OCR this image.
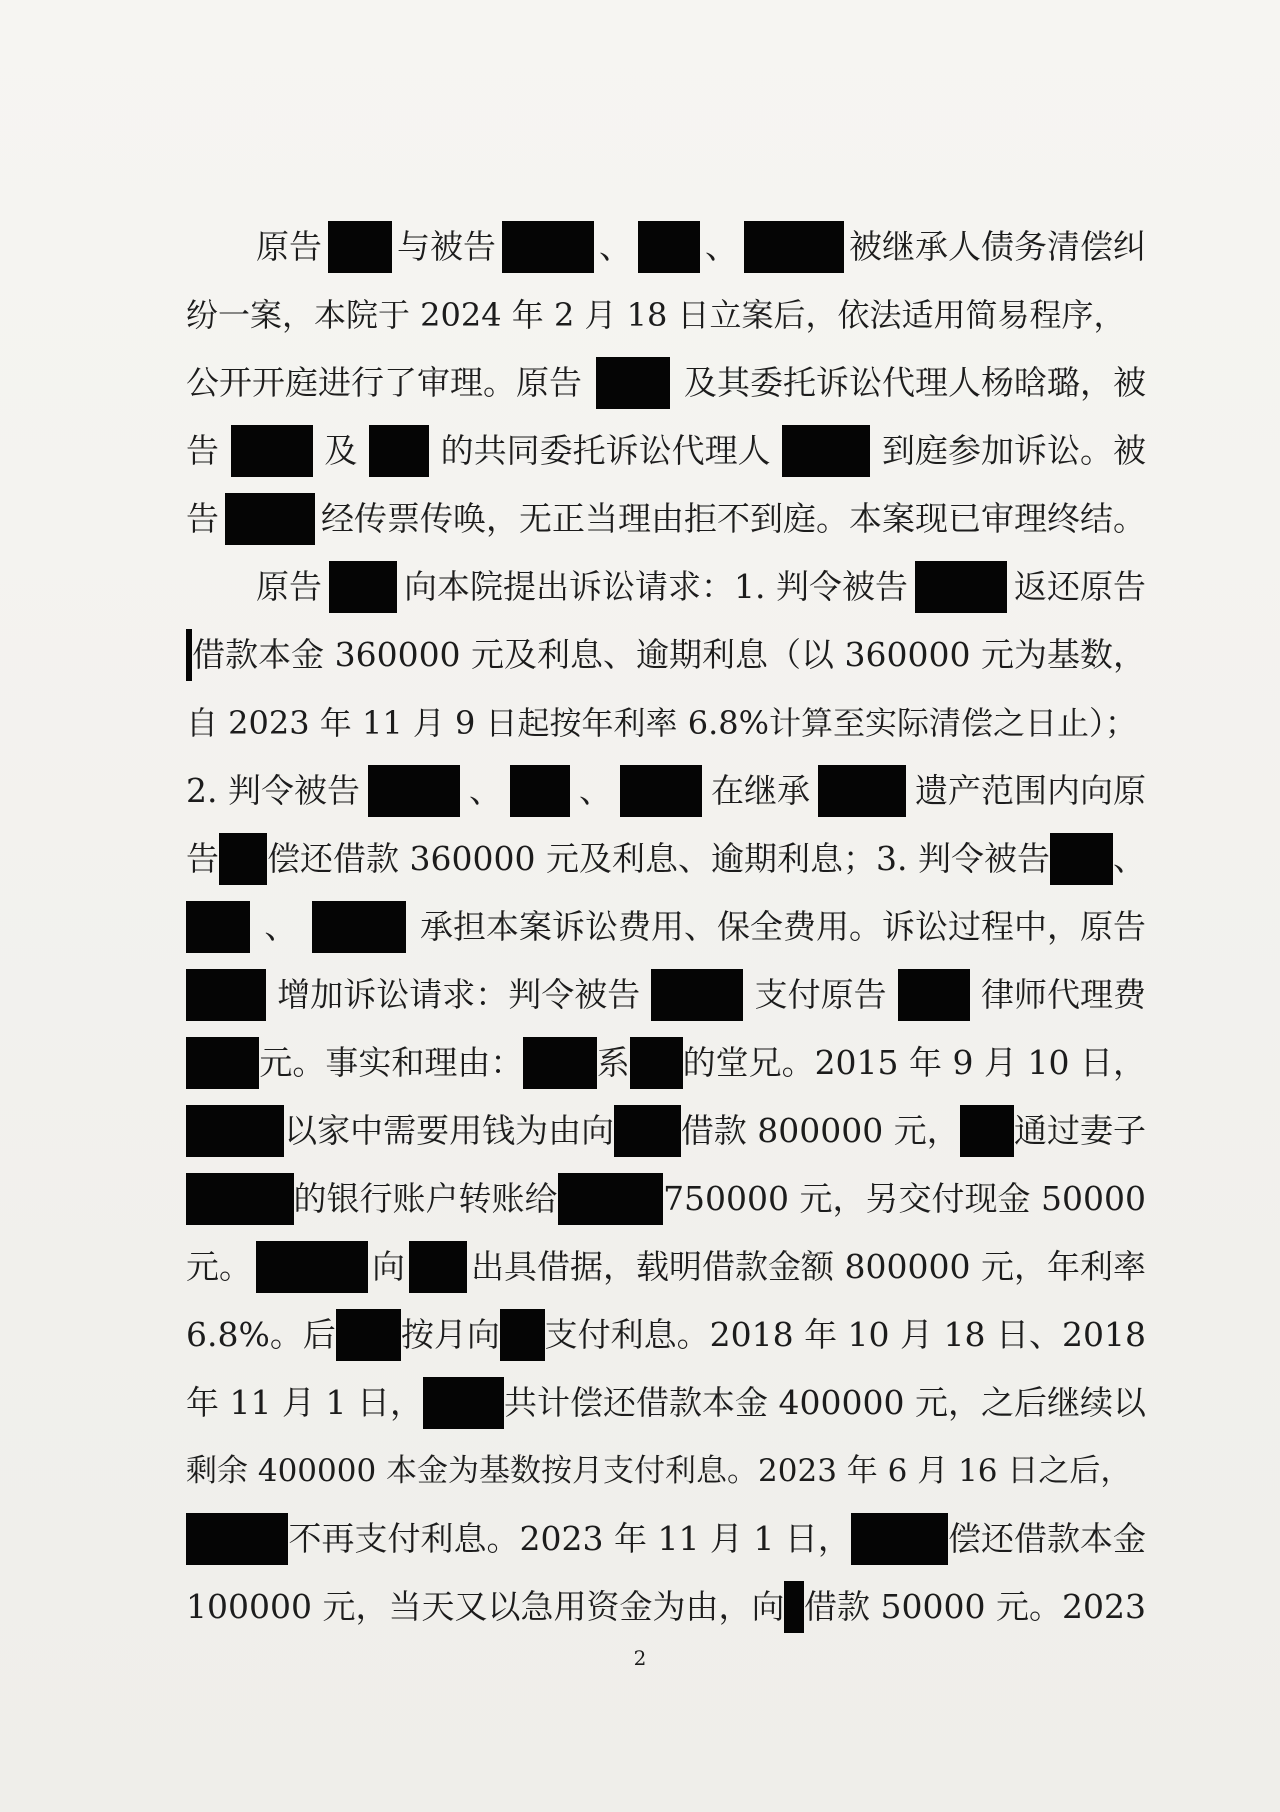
原告 与被告	、 、	被继承人债务清偿纠
纷一案，本院于 2024 年 2 月 18 日立案后，依法适用简易程序，
公开开庭进行了审理。原告	及其委托诉讼代理人杨晗璐，被
告	及	的共同委托诉讼代理人	到庭参加诉讼。被
告	经传票传唤，无正当理由拒不到庭。本案现已审理终结。
原告 向本院提出诉讼请求：1. 判令被告	返还原告
借款本金 360000 元及利息、逾期利息（以 360000 元为基数，
自 2023 年 11 月 9 日起按年利率 6.8%计算至实际清偿之日止）；
2. 判令被告	、 、	在继承	遗产范围内向原
告 偿还借款 360000 元及利息、逾期利息；3. 判令被告 、
、	承担本案诉讼费用、保全费用。诉讼过程中，原告
增加诉讼请求：判令被告	支付原告	律师代理费
元。事实和理由： 系 的堂兄。2015 年 9 月 10 日，
以家中需要用钱为由向 借款 800000 元， 通过妻子
的银行账户转账给	750000 元，另交付现金 50000
元。	向 出具借据，载明借款金额 800000 元，年利率
6.8%。后 按月向 支付利息。2018 年 10 月 18 日、2018
年 11 月 1 日， 共计偿还借款本金 400000 元，之后继续以
剩余 400000 本金为基数按月支付利息。2023 年 6 月 16 日之后，
不再支付利息。2023 年 11 月 1 日，	偿还借款本金
100000 元，当天又以急用资金为由，向 借款 50000 元。2023
2
